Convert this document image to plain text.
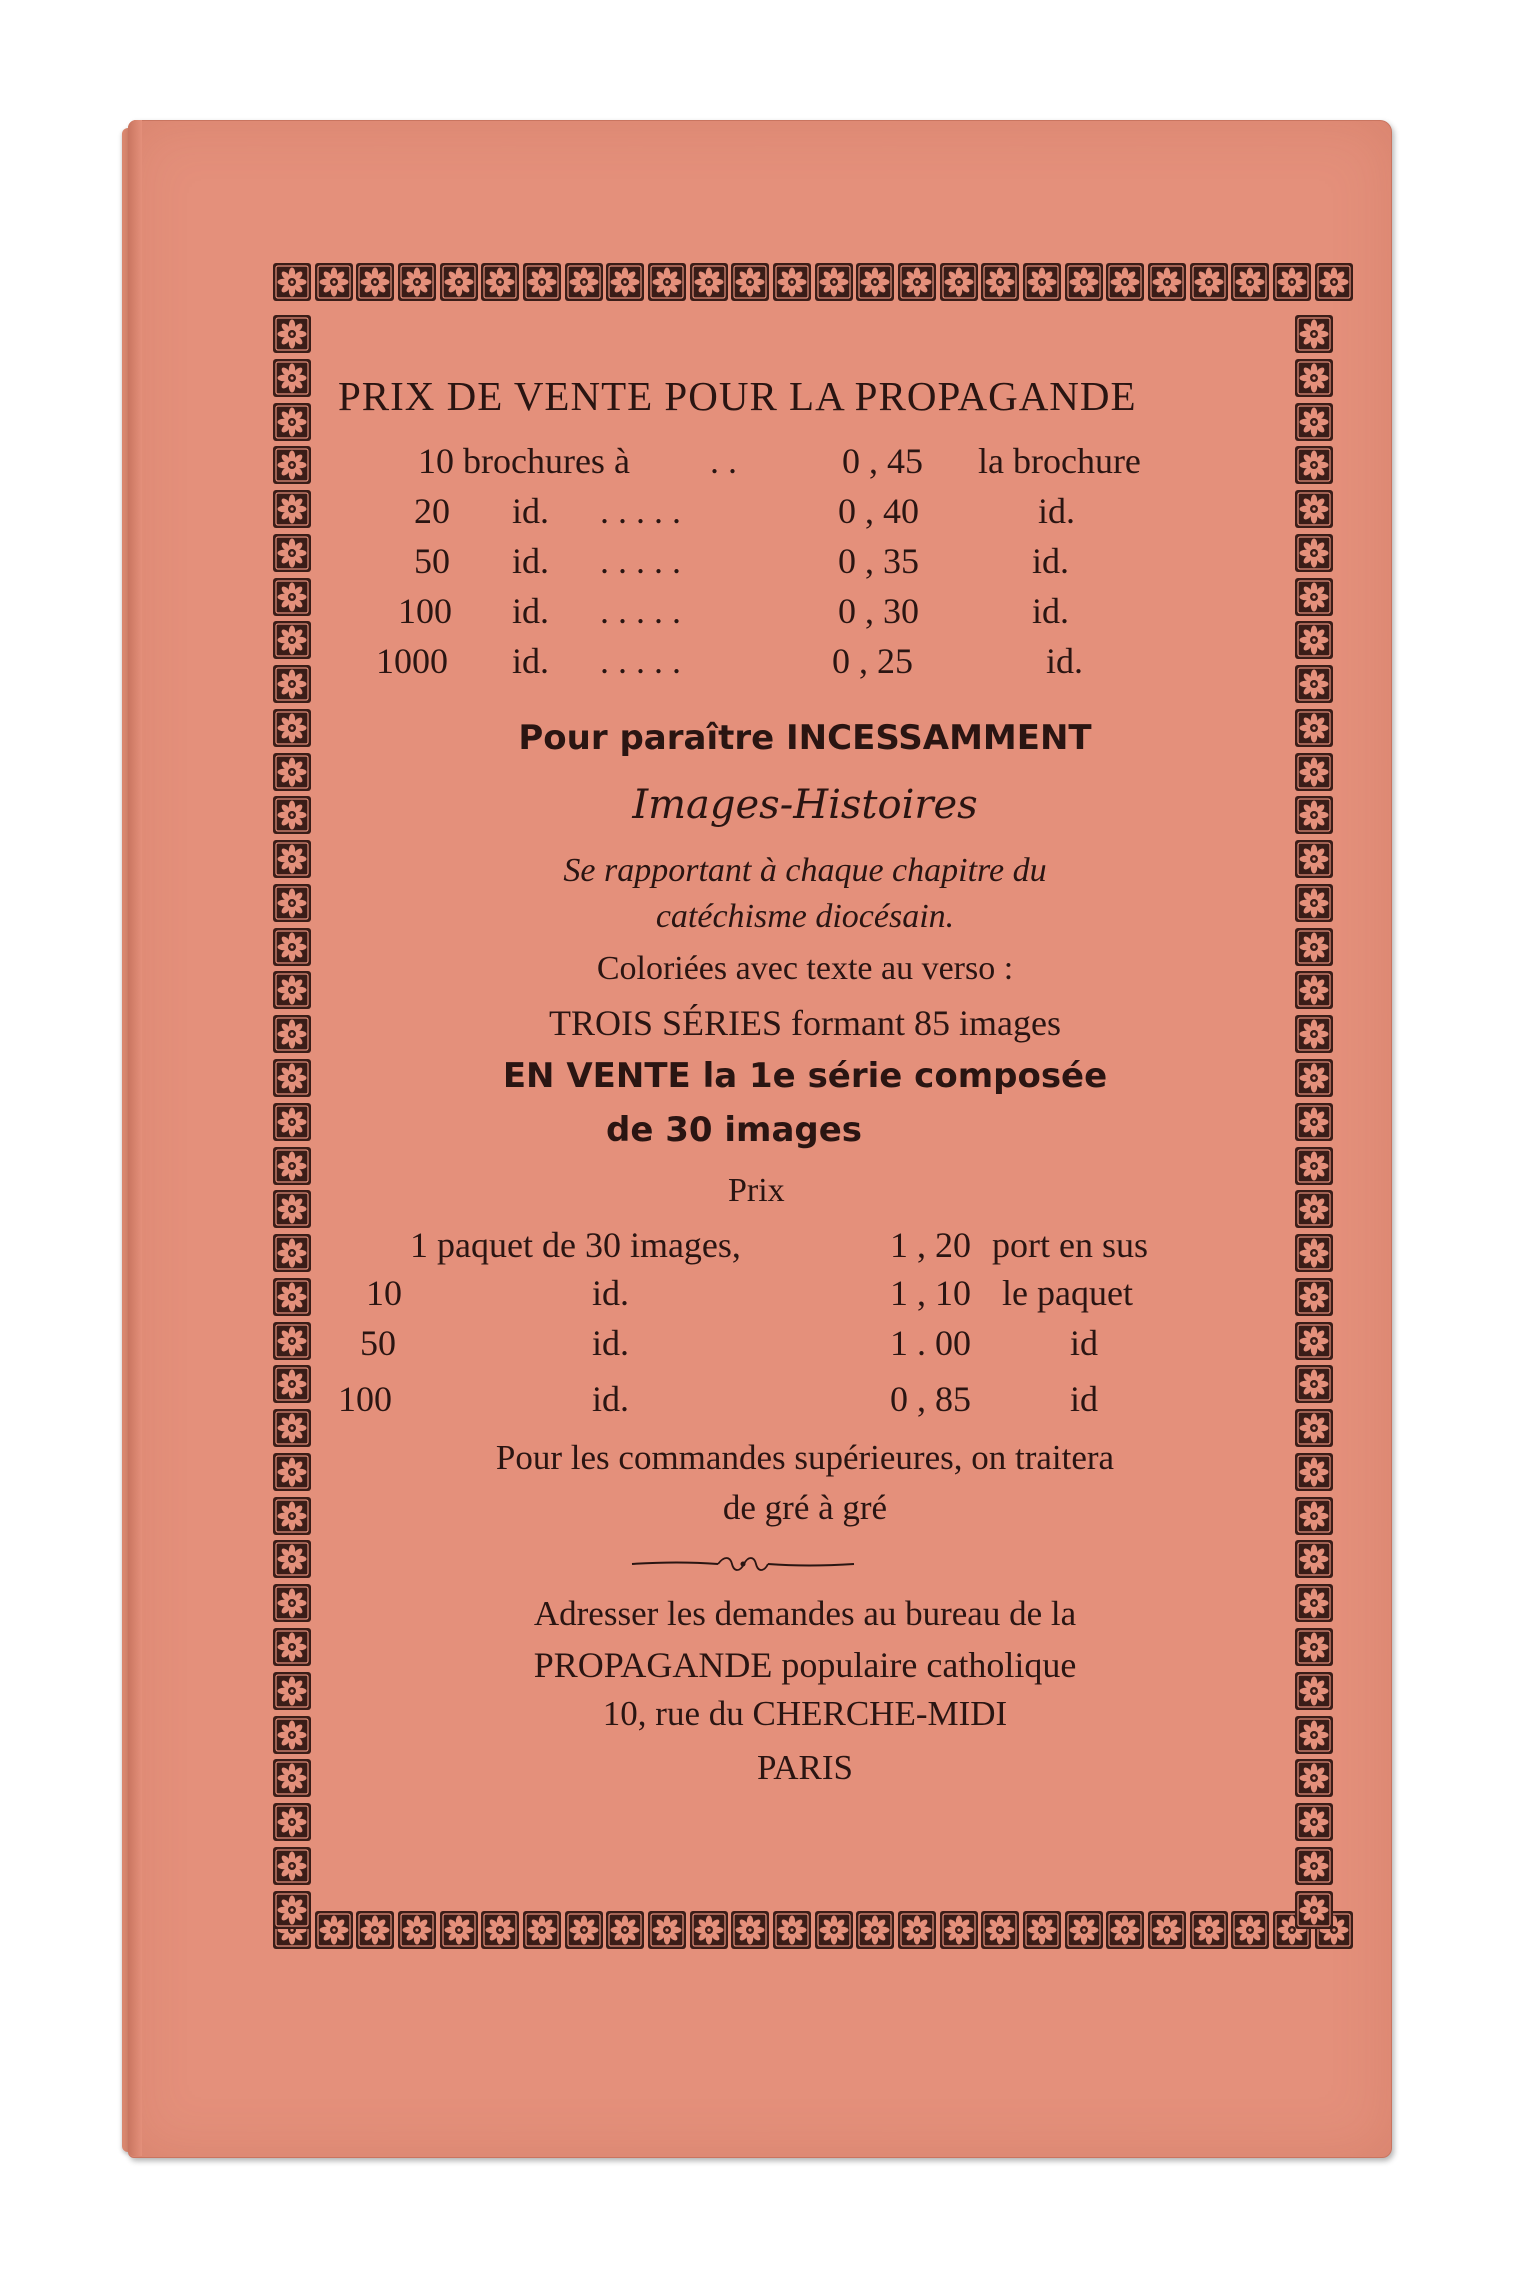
PRIX DE VENTE POUR LA PROPAGANDE
10 brochures à . .	0 , 45 la brochure
20 id. . . . . .	0 , 40	id.
50 id. . . . . .	0 , 35	id.
100 id. . . . . .	0 , 30	id.
1000 id. . . . . .	0 , 25	id.
Pour paraître INCESSAMMENT
Images-Histoires
Se rapportant à chaque chapitre du
catéchisme diocésain.
Coloriées avec texte au verso :
TROIS SÉRIES formant 85 images
EN VENTE la 1e série composée
de 30 images
Prix
1 paquet de 30 images,	1 , 20 port en sus
10	id.	1 , 10 le paquet
50	id.	1 . 00	id
100	id.	0 , 85	id
Pour les commandes supérieures, on traitera
de gré à gré
Adresser les demandes au bureau de la
PROPAGANDE populaire catholique
10, rue du CHERCHE-MIDI
PARIS
